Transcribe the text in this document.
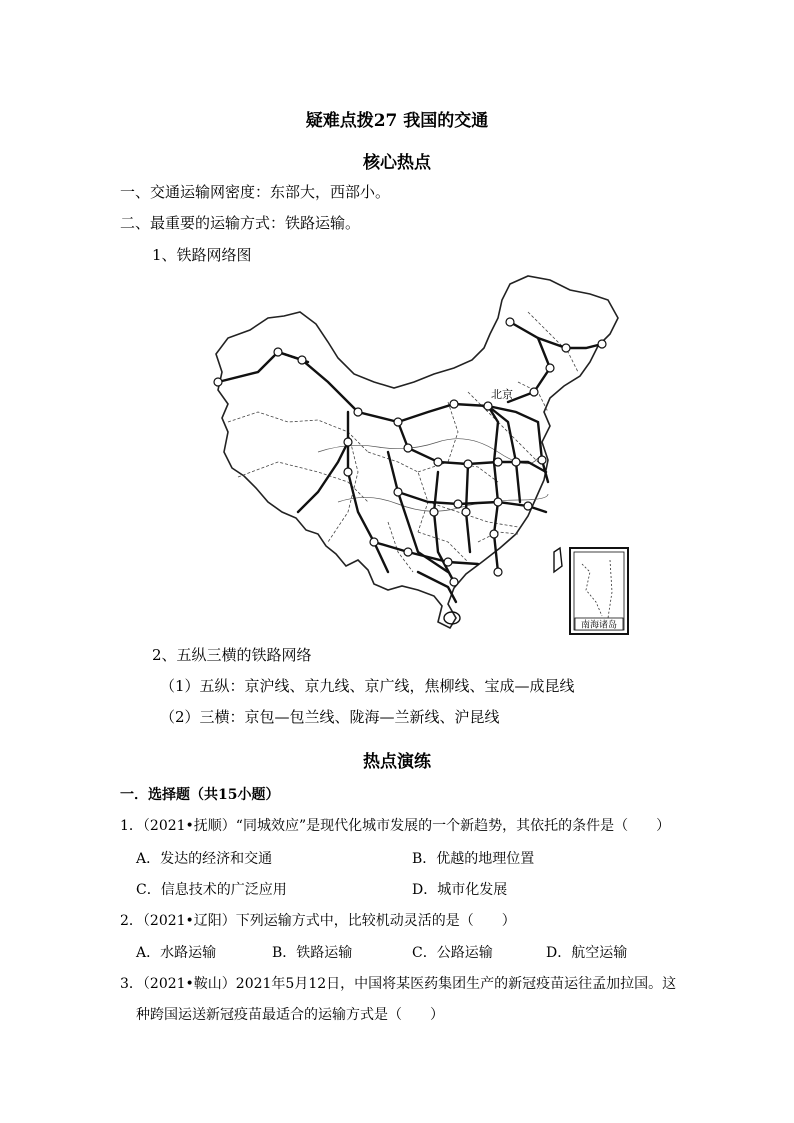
疑难点拨27 我国的交通
核心热点
一、交通运输网密度：东部大，西部小。
二、最重要的运输方式：铁路运输。
1、铁路网络图
北京
南海诸岛
2、五纵三横的铁路网络
（1）五纵：京沪线、京九线、京广线，焦柳线、宝成—成昆线
（2）三横：京包—包兰线、陇海—兰新线、沪昆线
热点演练
一．选择题（共15小题）
1．（2021•抚顺）“同城效应”是现代化城市发展的一个新趋势，其依托的条件是（　　）
A．发达的经济和交通	B．优越的地理位置
C．信息技术的广泛应用	D．城市化发展
2．（2021•辽阳）下列运输方式中，比较机动灵活的是（　　）
A．水路运输	B．铁路运输	C．公路运输	D．航空运输
3．（2021•鞍山）2021年5月12日，中国将某医药集团生产的新冠疫苗运往孟加拉国。这
种跨国运送新冠疫苗最适合的运输方式是（　　）
